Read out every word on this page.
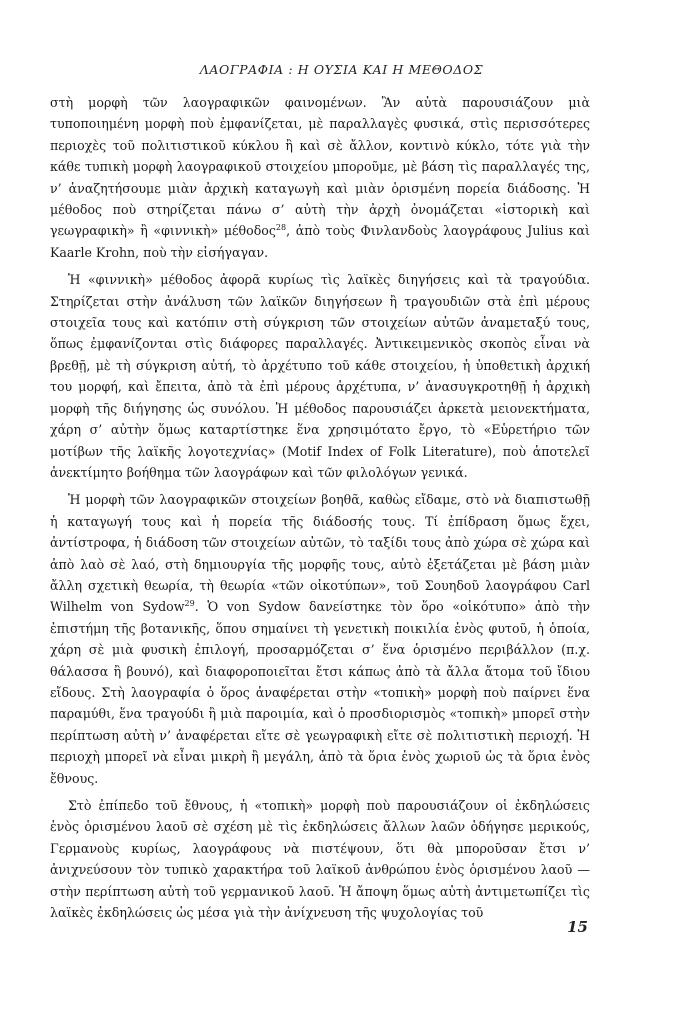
ΛΑΟΓΡΑΦΙΑ : Η ΟΥΣΙΑ ΚΑΙ Η ΜΕΘΟΔΟΣ

στὴ μορφὴ τῶν λαογραφικῶν φαινομένων. Ἂν αὐτὰ παρουσιάζουν μιὰ τυποποιημένη μορφὴ ποὺ ἐμφανίζεται, μὲ παραλλαγὲς φυσικά, στὶς περισσότερες περιοχὲς τοῦ πολιτιστικοῦ κύκλου ἢ καὶ σὲ ἄλλον, κοντινὸ κύκλο, τότε γιὰ τὴν κάθε τυπικὴ μορφὴ λαογραφικοῦ στοιχείου μποροῦμε, μὲ βάση τὶς παραλλαγές της, ν’ ἀναζητήσουμε μιὰν ἀρχικὴ καταγωγὴ καὶ μιὰν ὁρισμένη πορεία διάδοσης. Ἡ μέθοδος ποὺ στηρίζεται πάνω σ’ αὐτὴ τὴν ἀρχὴ ὀνομάζεται «ἱστορικὴ καὶ γεωγραφικὴ» ἢ «φιννικὴ» μέθοδος$^{28}$, ἀπὸ τοὺς Φινλανδοὺς λαογράφους Julius καὶ Kaarle Krohn, ποὺ τὴν εἰσήγαγαν.

Ἡ «φιννικὴ» μέθοδος ἀφορᾶ κυρίως τὶς λαϊκὲς διηγήσεις καὶ τὰ τραγούδια. Στηρίζεται στὴν ἀνάλυση τῶν λαϊκῶν διηγήσεων ἢ τραγουδιῶν στὰ ἐπὶ μέρους στοιχεῖα τους καὶ κατόπιν στὴ σύγκριση τῶν στοιχείων αὐτῶν ἀναμεταξύ τους, ὅπως ἐμφανίζονται στὶς διάφορες παραλλαγές. Ἀντικειμενικὸς σκοπὸς εἶναι νὰ βρεθῇ, μὲ τὴ σύγκριση αὐτή, τὸ ἀρχέτυπο τοῦ κάθε στοιχείου, ἡ ὑποθετικὴ ἀρχική του μορφή, καὶ ἔπειτα, ἀπὸ τὰ ἐπὶ μέρους ἀρχέτυπα, ν’ ἀνασυγκροτηθῇ ἡ ἀρχικὴ μορφὴ τῆς διήγησης ὡς συνόλου. Ἡ μέθοδος παρουσιάζει ἀρκετὰ μειονεκτήματα, χάρη σ’ αὐτὴν ὅμως καταρτίστηκε ἕνα χρησιμότατο ἔργο, τὸ «Εὑρετήριο τῶν μοτίβων τῆς λαϊκῆς λογοτεχνίας» (Motif Index of Folk Literature), ποὺ ἀποτελεῖ ἀνεκτίμητο βοήθημα τῶν λαογράφων καὶ τῶν φιλολόγων γενικά.

Ἡ μορφὴ τῶν λαογραφικῶν στοιχείων βοηθᾶ, καθὼς εἴδαμε, στὸ νὰ διαπιστωθῇ ἡ καταγωγή τους καὶ ἡ πορεία τῆς διάδοσής τους. Τί ἐπίδραση ὅμως ἔχει, ἀντίστροφα, ἡ διάδοση τῶν στοιχείων αὐτῶν, τὸ ταξίδι τους ἀπὸ χώρα σὲ χώρα καὶ ἀπὸ λαὸ σὲ λαό, στὴ δημιουργία τῆς μορφῆς τους, αὐτὸ ἐξετάζεται μὲ βάση μιὰν ἄλλη σχετικὴ θεωρία, τὴ θεωρία «τῶν οἰκοτύπων», τοῦ Σουηδοῦ λαογράφου Carl Wilhelm von Sydow$^{29}$. Ὁ von Sydow δανείστηκε τὸν ὅρο «οἰκότυπο» ἀπὸ τὴν ἐπιστήμη τῆς βοτανικῆς, ὅπου σημαίνει τὴ γενετικὴ ποικιλία ἑνὸς φυτοῦ, ἡ ὁποία, χάρη σὲ μιὰ φυσικὴ ἐπιλογή, προσαρμόζεται σ’ ἕνα ὁρισμένο περιβάλλον (π.χ. θάλασσα ἢ βουνό), καὶ διαφοροποιεῖται ἔτσι κάπως ἀπὸ τὰ ἄλλα ἄτομα τοῦ ἴδιου εἴδους. Στὴ λαογραφία ὁ ὅρος ἀναφέρεται στὴν «τοπικὴ» μορφὴ ποὺ παίρνει ἕνα παραμύθι, ἕνα τραγούδι ἢ μιὰ παροιμία, καὶ ὁ προσδιορισμὸς «τοπικὴ» μπορεῖ στὴν περίπτωση αὐτὴ ν’ ἀναφέρεται εἴτε σὲ γεωγραφικὴ εἴτε σὲ πολιτιστικὴ περιοχή. Ἡ περιοχὴ μπορεῖ νὰ εἶναι μικρὴ ἢ μεγάλη, ἀπὸ τὰ ὅρια ἑνὸς χωριοῦ ὡς τὰ ὅρια ἑνὸς ἔθνους.

Στὸ ἐπίπεδο τοῦ ἔθνους, ἡ «τοπικὴ» μορφὴ ποὺ παρουσιάζουν οἱ ἐκδηλώσεις ἑνὸς ὁρισμένου λαοῦ σὲ σχέση μὲ τὶς ἐκδηλώσεις ἄλλων λαῶν ὁδήγησε μερικούς, Γερμανοὺς κυρίως, λαογράφους νὰ πιστέψουν, ὅτι θὰ μποροῦσαν ἔτσι ν’ ἀνιχνεύσουν τὸν τυπικὸ χαρακτήρα τοῦ λαϊκοῦ ἀνθρώπου ἑνὸς ὁρισμένου λαοῦ — στὴν περίπτωση αὐτὴ τοῦ γερμανικοῦ λαοῦ. Ἡ ἄποψη ὅμως αὐτὴ ἀντιμετωπίζει τὶς λαϊκὲς ἐκδηλώσεις ὡς μέσα γιὰ τὴν ἀνίχνευση τῆς ψυχολογίας τοῦ

15
